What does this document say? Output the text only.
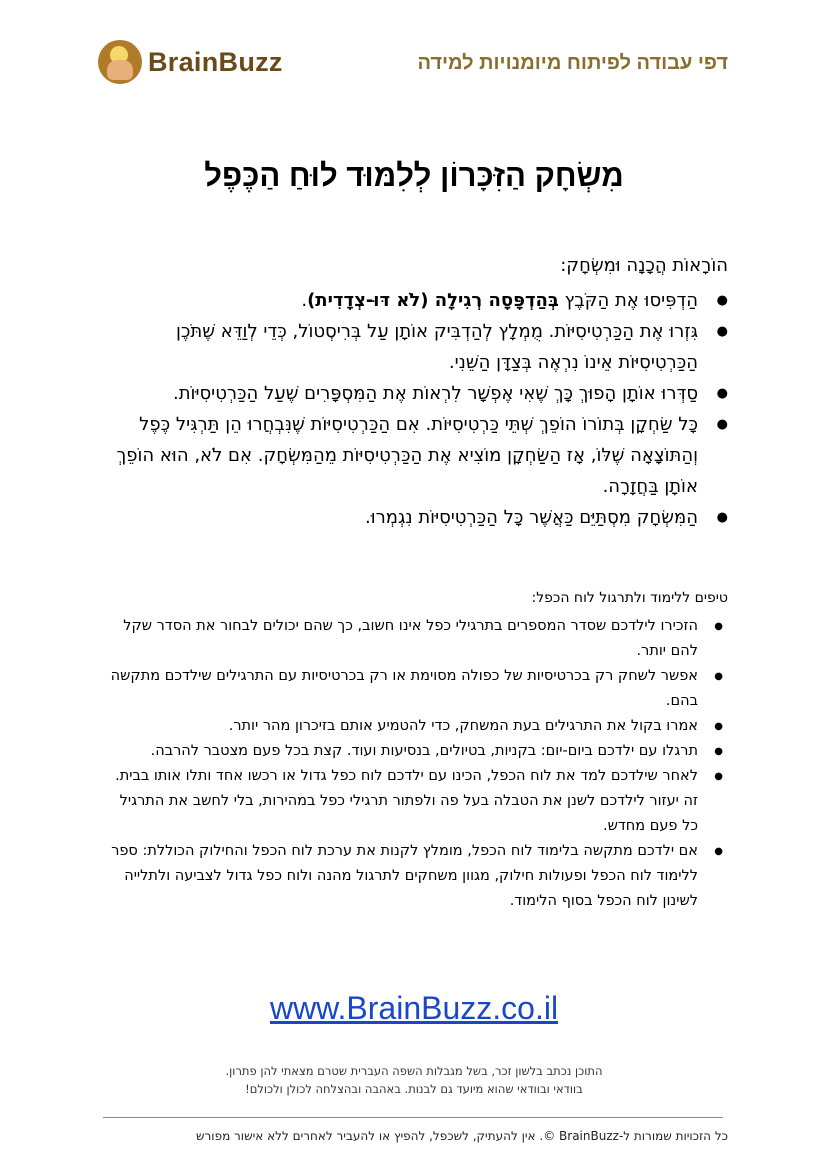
BrainBuzz	דפי עבודה לפיתוח מיומנויות למידה
מִשְׂחָק הַזִּכָּרוֹן לְלִמּוּד לוּחַ הַכֶּפֶל
הוֹרָאוֹת הֲכָנָה וּמִשְׂחָק:
● הַדְפִּיסוּ אֶת הַקֹּבֶץ בְּהַדְפָּסָה רְגִילָה (לֹא דּוּ-צְדָדִית).
● גִּזְרוּ אֶת הַכַּרְטִיסִיּוֹת. מֻמְלָץ לְהַדְבִּיק אוֹתָן עַל בְּרִיסְטוֹל, כְּדֵי לְוַדֵּא שֶׁתֹּכֶן הַכַּרְטִיסִיּוֹת אֵינוֹ נִרְאֶה בְּצַדָּן הַשֵּׁנִי.
● סַדְּרוּ אוֹתָן הָפוּךְ כָּךְ שֶׁאִי אֶפְשָׁר לִרְאוֹת אֶת הַמִּסְפָּרִים שֶׁעַל הַכַּרְטִיסִיּוֹת.
● כָּל שַׂחְקָן בְּתוֹרוֹ הוֹפֵךְ שְׁתֵּי כַּרְטִיסִיּוֹת. אִם הַכַּרְטִיסִיּוֹת שֶׁנִּבְחֲרוּ הֵן תַּרְגִּיל כֶּפֶל וְהַתּוֹצָאָה שֶׁלּוֹ, אָז הַשַּׂחְקָן מוֹצִיא אֶת הַכַּרְטִיסִיּוֹת מֵהַמִּשְׂחָק. אִם לֹא, הוּא הוֹפֵךְ אוֹתָן בַּחֲזָרָה.
● הַמִּשְׂחָק מִסְתַּיֵּם כַּאֲשֶׁר כָּל הַכַּרְטִיסִיּוֹת נִגְמְרוּ.
טיפים ללימוד ולתרגול לוח הכפל:
● הזכירו לילדכם שסדר המספרים בתרגילי כפל אינו חשוב, כך שהם יכולים לבחור את הסדר שקל להם יותר.
● אפשר לשחק רק בכרטיסיות של כפולה מסוימת או רק בכרטיסיות עם התרגילים שילדכם מתקשה בהם.
● אמרו בקול את התרגילים בעת המשחק, כדי להטמיע אותם בזיכרון מהר יותר.
● תרגלו עם ילדכם ביום-יום: בקניות, בטיולים, בנסיעות ועוד. קצת בכל פעם מצטבר להרבה.
● לאחר שילדכם למד את לוח הכפל, הכינו עם ילדכם לוח כפל גדול או רכשו אחד ותלו אותו בבית. זה יעזור לילדכם לשנן את הטבלה בעל פה ולפתור תרגילי כפל במהירות, בלי לחשב את התרגיל כל פעם מחדש.
● אם ילדכם מתקשה בלימוד לוח הכפל, מומלץ לקנות את ערכת לוח הכפל והחילוק הכוללת: ספר ללימוד לוח הכפל ופעולות חילוק, מגוון משחקים לתרגול מהנה ולוח כפל גדול לצביעה ולתלייה לשינון לוח הכפל בסוף הלימוד.
www.BrainBuzz.co.il
התוכן נכתב בלשון זכר, בשל מגבלות השפה העברית שטרם מצאתי להן פתרון.
בוודאי ובוודאי שהוא מיועד גם לבנות. באהבה ובהצלחה לכולן ולכולם!
כל הזכויות שמורות ל-BrainBuzz ©. אין להעתיק, לשכפל, להפיץ או להעביר לאחרים ללא אישור מפורש
